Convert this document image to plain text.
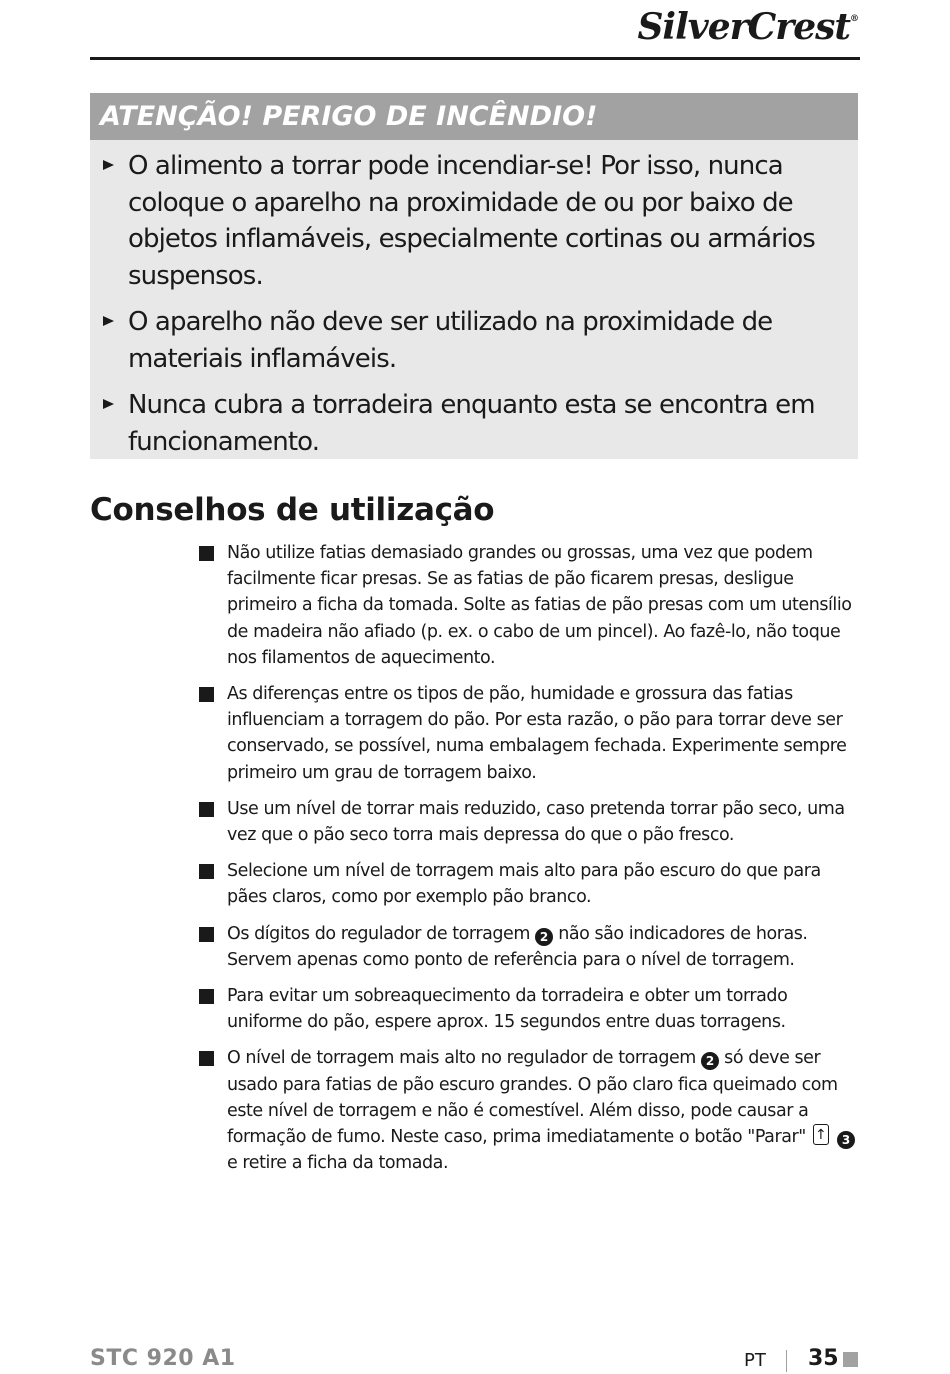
SilverCrest®
ATENÇÃO! PERIGO DE INCÊNDIO!
O alimento a torrar pode incendiar-se! Por isso, nunca coloque o aparelho na proximidade de ou por baixo de objetos inflamáveis, especialmente cortinas ou armários suspensos.
O aparelho não deve ser utilizado na proximidade de materiais inflamáveis.
Nunca cubra a torradeira enquanto esta se encontra em funcionamento.
Conselhos de utilização
Não utilize fatias demasiado grandes ou grossas, uma vez que podem facilmente ficar presas. Se as fatias de pão ficarem presas, desligue primeiro a ficha da tomada. Solte as fatias de pão presas com um utensílio de madeira não afiado (p. ex. o cabo de um pincel). Ao fazê-lo, não toque nos filamentos de aquecimento.
As diferenças entre os tipos de pão, humidade e grossura das fatias influenciam a torragem do pão. Por esta razão, o pão para torrar deve ser conservado, se possível, numa embalagem fechada. Experimente sempre primeiro um grau de torragem baixo.
Use um nível de torrar mais reduzido, caso pretenda torrar pão seco, uma vez que o pão seco torra mais depressa do que o pão fresco.
Selecione um nível de torragem mais alto para pão escuro do que para pães claros, como por exemplo pão branco.
Os dígitos do regulador de torragem 2 não são indicadores de horas. Servem apenas como ponto de referência para o nível de torragem.
Para evitar um sobreaquecimento da torradeira e obter um torrado uniforme do pão, espere aprox. 15 segundos entre duas torragens.
O nível de torragem mais alto no regulador de torragem 2 só deve ser usado para fatias de pão escuro grandes. O pão claro fica queimado com este nível de torragem e não é comestível. Além disso, pode causar a formação de fumo. Neste caso, prima imediatamente o botão "Parar" ↑	3 e retire a ficha da tomada.
STC 920 A1	PT 35
